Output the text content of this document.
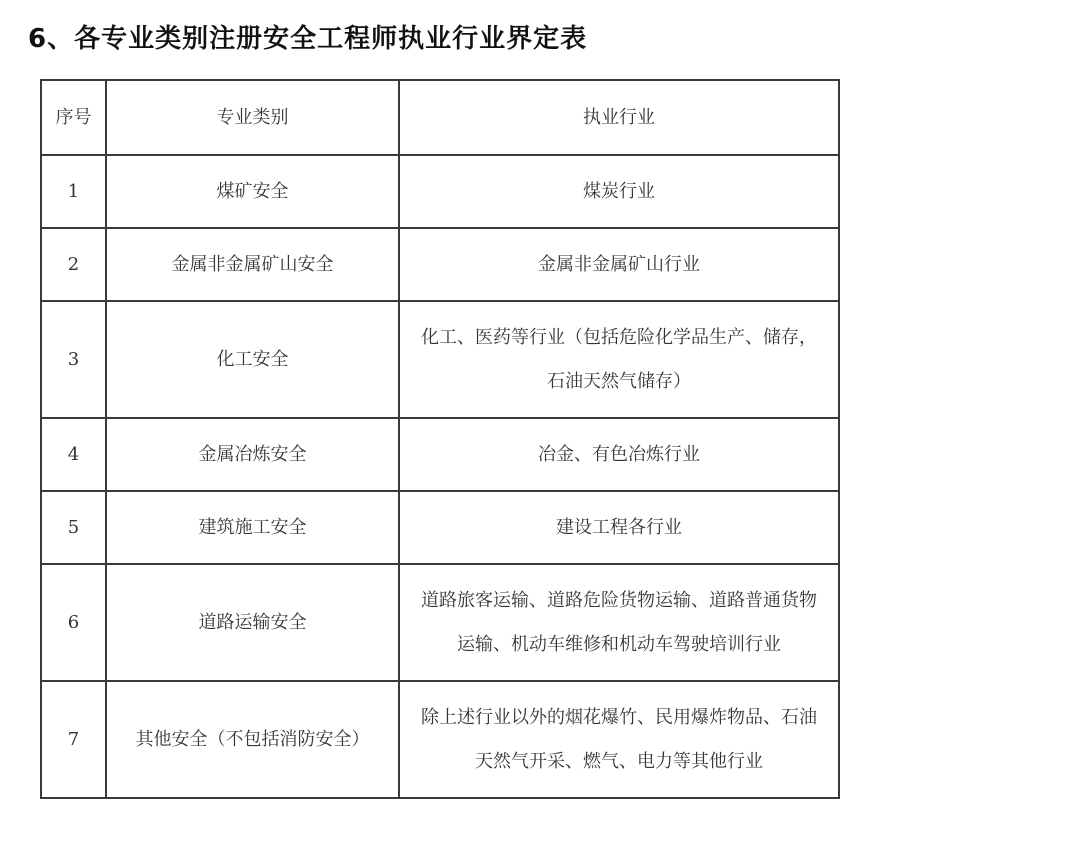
6、各专业类别注册安全工程师执业行业界定表
序号	专业类别	执业行业
1	煤矿安全	煤炭行业
2	金属非金属矿山安全	金属非金属矿山行业
3	化工安全	化工、医药等行业（包括危险化学品生产、储存，
石油天然气储存）

4	金属冶炼安全	冶金、有色冶炼行业
5	建筑施工安全	建设工程各行业
6	道路运输安全	道路旅客运输、道路危险货物运输、道路普通货物
运输、机动车维修和机动车驾驶培训行业

7	其他安全（不包括消防安全）	除上述行业以外的烟花爆竹、民用爆炸物品、石油
天然气开采、燃气、电力等其他行业
